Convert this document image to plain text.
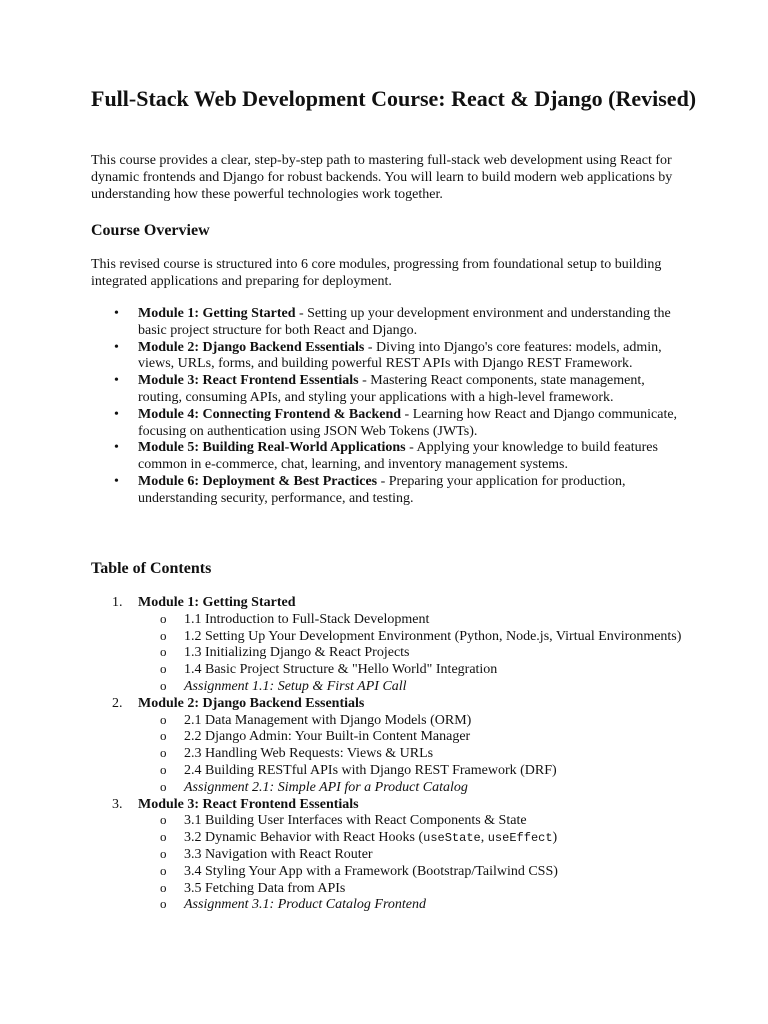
Full-Stack Web Development Course: React & Django (Revised)

This course provides a clear, step-by-step path to mastering full-stack web development using React for dynamic frontends and Django for robust backends. You will learn to build modern web applications by understanding how these powerful technologies work together.

Course Overview

This revised course is structured into 6 core modules, progressing from foundational setup to building integrated applications and preparing for deployment.

• Module 1: Getting Started - Setting up your development environment and understanding the basic project structure for both React and Django.
• Module 2: Django Backend Essentials - Diving into Django's core features: models, admin, views, URLs, forms, and building powerful REST APIs with Django REST Framework.
• Module 3: React Frontend Essentials - Mastering React components, state management, routing, consuming APIs, and styling your applications with a high-level framework.
• Module 4: Connecting Frontend & Backend - Learning how React and Django communicate, focusing on authentication using JSON Web Tokens (JWTs).
• Module 5: Building Real-World Applications - Applying your knowledge to build features common in e-commerce, chat, learning, and inventory management systems.
• Module 6: Deployment & Best Practices - Preparing your application for production, understanding security, performance, and testing.
Table of Contents
1. Module 1: Getting Started
o 1.1 Introduction to Full-Stack Development
o 1.2 Setting Up Your Development Environment (Python, Node.js, Virtual Environments)
o 1.3 Initializing Django & React Projects
o 1.4 Basic Project Structure & "Hello World" Integration
o Assignment 1.1: Setup & First API Call
2. Module 2: Django Backend Essentials
o 2.1 Data Management with Django Models (ORM)
o 2.2 Django Admin: Your Built-in Content Manager
o 2.3 Handling Web Requests: Views & URLs
o 2.4 Building RESTful APIs with Django REST Framework (DRF)
o Assignment 2.1: Simple API for a Product Catalog
3. Module 3: React Frontend Essentials
o 3.1 Building User Interfaces with React Components & State
o 3.2 Dynamic Behavior with React Hooks (useState, useEffect)
o 3.3 Navigation with React Router
o 3.4 Styling Your App with a Framework (Bootstrap/Tailwind CSS)
o 3.5 Fetching Data from APIs
o Assignment 3.1: Product Catalog Frontend
